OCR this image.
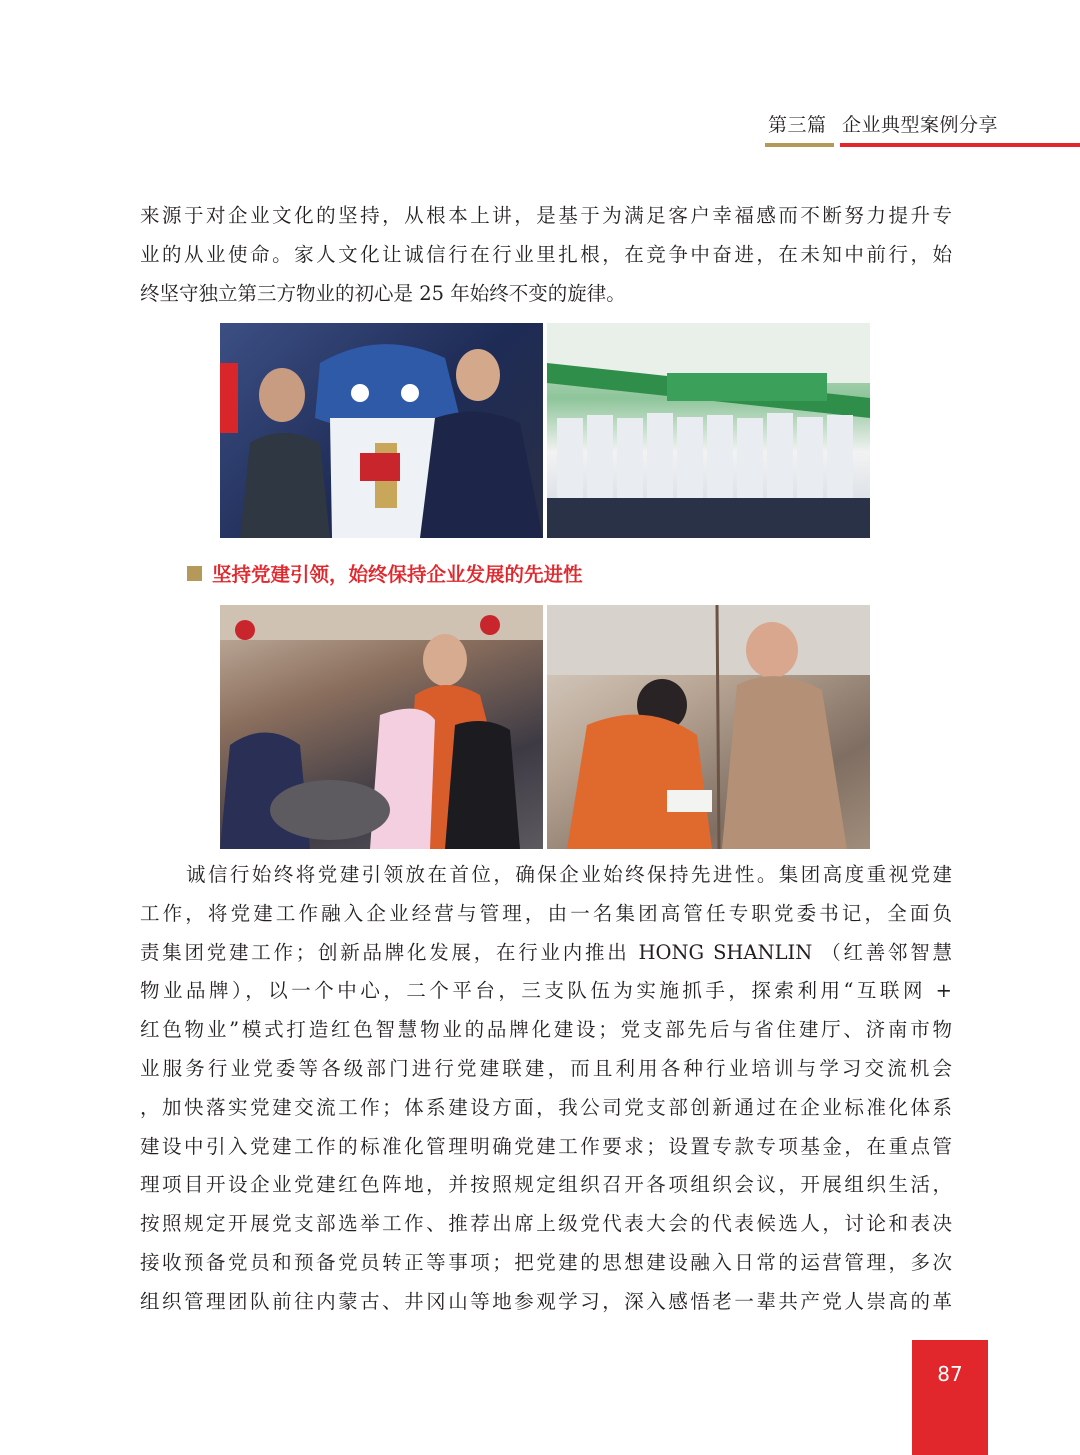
第三篇 企业典型案例分享
来源于对企业文化的坚持，从根本上讲，是基于为满足客户幸福感而不断努力提升专
业的从业使命。家人文化让诚信行在行业里扎根，在竞争中奋进，在未知中前行，始
终坚守独立第三方物业的初心是 25 年始终不变的旋律。
坚持党建引领，始终保持企业发展的先进性
诚信行始终将党建引领放在首位，确保企业始终保持先进性。集团高度重视党建
工作，将党建工作融入企业经营与管理，由一名集团高管任专职党委书记，全面负
责集团党建工作；创新品牌化发展，在行业内推出 HONG SHANLIN （红善邻智慧
物业品牌），以一个中心，二个平台，三支队伍为实施抓手，探索利用“互联网 +
红色物业”模式打造红色智慧物业的品牌化建设；党支部先后与省住建厅、济南市物
业服务行业党委等各级部门进行党建联建，而且利用各种行业培训与学习交流机会
，加快落实党建交流工作；体系建设方面，我公司党支部创新通过在企业标准化体系
建设中引入党建工作的标准化管理明确党建工作要求；设置专款专项基金，在重点管
理项目开设企业党建红色阵地，并按照规定组织召开各项组织会议，开展组织生活，
按照规定开展党支部选举工作、推荐出席上级党代表大会的代表候选人，讨论和表决
接收预备党员和预备党员转正等事项；把党建的思想建设融入日常的运营管理，多次
组织管理团队前往内蒙古、井冈山等地参观学习，深入感悟老一辈共产党人崇高的革
87
